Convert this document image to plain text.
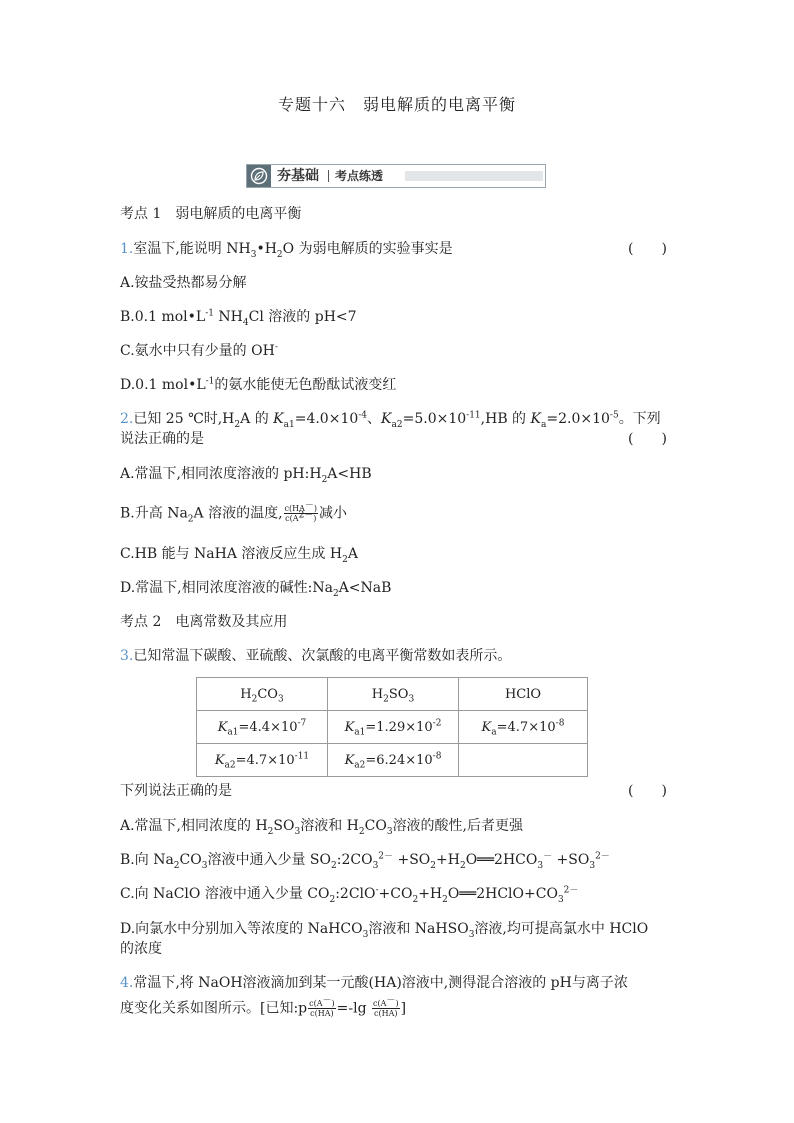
专题十六　弱电解质的电离平衡
夯基础 考点练透
考点 1　弱电解质的电离平衡
1.室温下,能说明 $NH_3•H_2O$ 为弱电解质的实验事实是	(　　)
A.铵盐受热都易分解
B.0.1 $mol•L^{-1}$ $NH_4Cl$ 溶液的 pH<7
C.氨水中只有少量的 OH-
D.0.1 $mol•L^{-1}$的氨水能使无色酚酞试液变红
2.已知 25 ℃时$,H_2A$ 的 $K_{a1}=4.0\times 10^{-4}$、$K_{a2}=5.0\times 10^{-11},HB$ 的 $K_a=2.0\times 10^{-5}$。下列
说法正确的是	(　　)
A.常温下,相同浓度溶液的 $pH:H_2A<HB$
B.升高 $Na_2A$ 溶液的温度, $\frac{c(HA^-)}{c(A^{2-})}$ 减小
C.HB 能与 NaHA 溶液反应生成 $H_2A$
D.常温下,相同浓度溶液的碱性$:Na_2A<NaB$
考点 2　电离常数及其应用
3.已知常温下碳酸、亚硫酸、次氯酸的电离平衡常数如表所示。
$H_2CO_3$	$H_2SO_3$	HClO
$K_{a1}=4.4\times 10^{-7}$	$K_{a1}=1.29\times 10^{-2}$	$K_a=4.7\times 10^{-8}$
$K_{a2}=4.7\times 10^{-11}$	$K_{a2}=6.24\times 10^{-8}$	
下列说法正确的是	(　　)
A.常温下,相同浓度的 $H_2SO_3$溶液和 $H_2CO_3$溶液的酸性,后者更强
B.向 $Na_2CO_3$溶液中通入少量 $SO_2:2CO_3^{2-}$ $+SO_2+H_2O══2HCO_3^- +SO_3^{2-}$
C.向 NaClO 溶液中通入少量 $CO_2:2ClO^-+CO_2+H_2O══2HClO+CO_3^{2-}$
D.向氯水中分别加入等浓度的 NaHCO$_3$溶液和 NaHSO$_3$溶液,均可提高氯水中 HClO
的浓度
4.常温下,将 NaOH溶液滴加到某一元酸(HA)溶液中,测得混合溶液的 pH与离子浓
度变化关系如图所示。[已知:p $\frac{c(A^-)}{c(HA)} =-\lg \frac{c(A^-)}{c(HA)}$ ]
